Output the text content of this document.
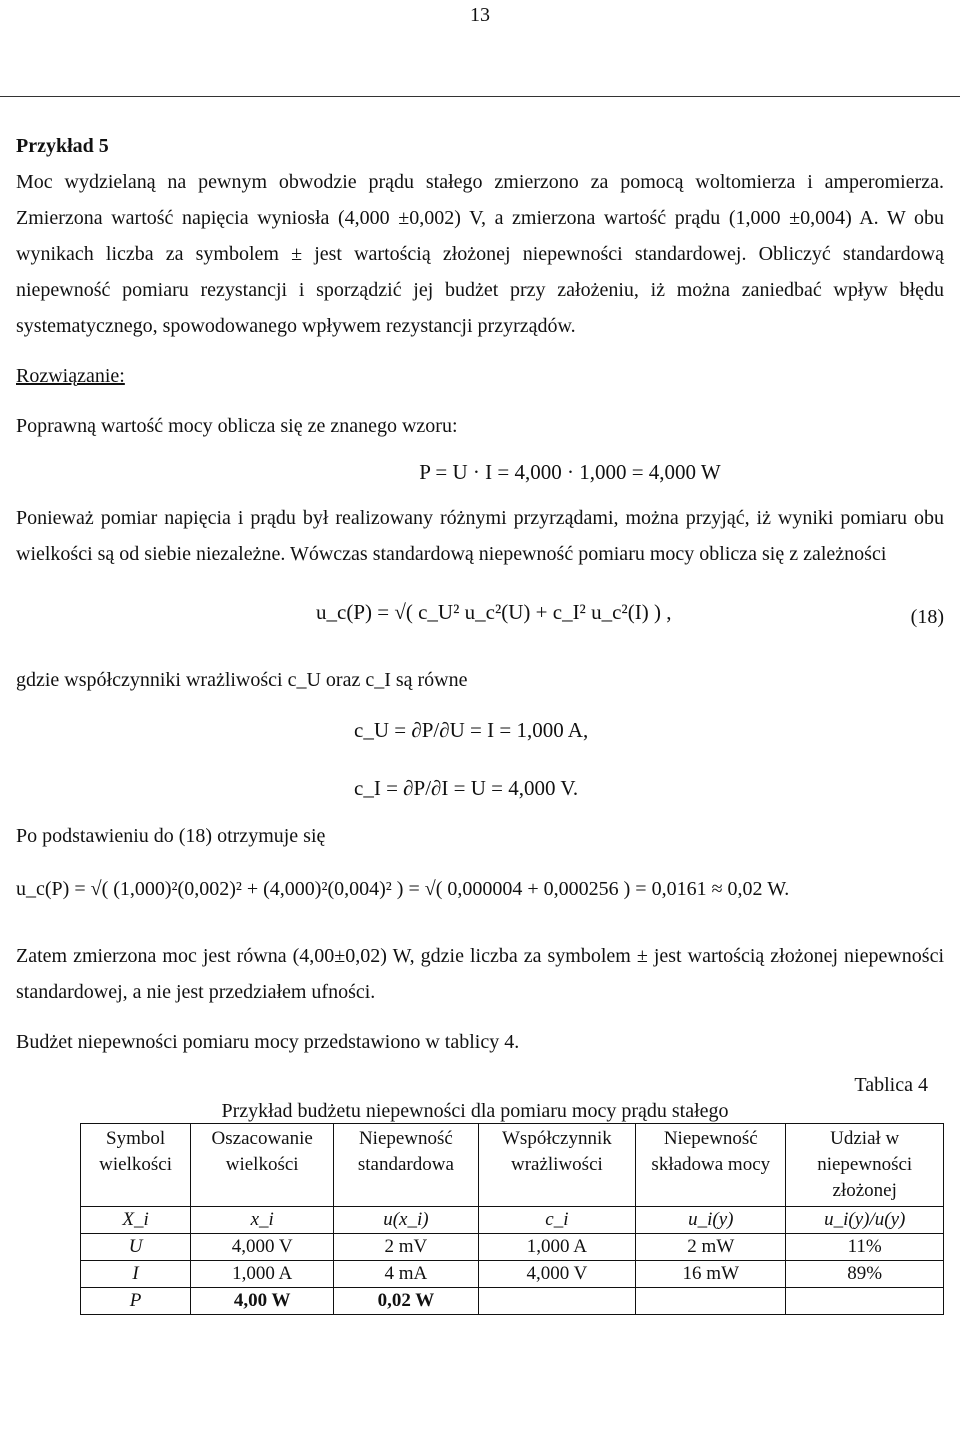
13

Przykład 5

Moc wydzielaną na pewnym obwodzie prądu stałego zmierzono za pomocą woltomierza i amperomierza. Zmierzona wartość napięcia wyniosła (4,000 ±0,002) V, a zmierzona wartość prądu (1,000 ±0,004) A. W obu wynikach liczba za symbolem ± jest wartością złożonej niepewności standardowej. Obliczyć standardową niepewność pomiaru rezystancji i sporządzić jej budżet przy założeniu, iż można zaniedbać wpływ błędu systematycznego, spowodowanego wpływem rezystancji przyrządów.

Rozwiązanie:

Poprawną wartość mocy oblicza się ze znanego wzoru:

P = U · I = 4,000 · 1,000 = 4,000 W

Ponieważ pomiar napięcia i prądu był realizowany różnymi przyrządami, można przyjąć, iż wyniki pomiaru obu wielkości są od siebie niezależne. Wówczas standardową niepewność pomiaru mocy oblicza się z zależności

u_c(P) = √( c_U² u_c²(U) + c_I² u_c²(I) ) ,	(18)

gdzie współczynniki wrażliwości c_U oraz c_I są równe

c_U = ∂P/∂U = I = 1,000 A,
c_I = ∂P/∂I = U = 4,000 V.

Po podstawieniu do (18) otrzymuje się

u_c(P) = √( (1,000)²(0,002)² + (4,000)²(0,004)² ) = √( 0,000004 + 0,000256 ) = 0,0161 ≈ 0,02 W.

Zatem zmierzona moc jest równa (4,00±0,02) W, gdzie liczba za symbolem ± jest wartością złożonej niepewności standardowej, a nie jest przedziałem ufności.

Budżet niepewności pomiaru mocy przedstawiono w tablicy 4.

Tablica 4
Przykład budżetu niepewności dla pomiaru mocy prądu stałego
Symbol wielkości	Oszacowanie wielkości	Niepewność standardowa	Współczynnik wrażliwości	Niepewność składowa mocy	Udział w niepewności złożonej
X_i	x_i	u(x_i)	c_i	u_i(y)	u_i(y)/u(y)
U	4,000 V	2 mV	1,000 A	2 mW	11%
I	1,000 A	4 mA	4,000 V	16 mW	89%
P	4,00 W	0,02 W			
